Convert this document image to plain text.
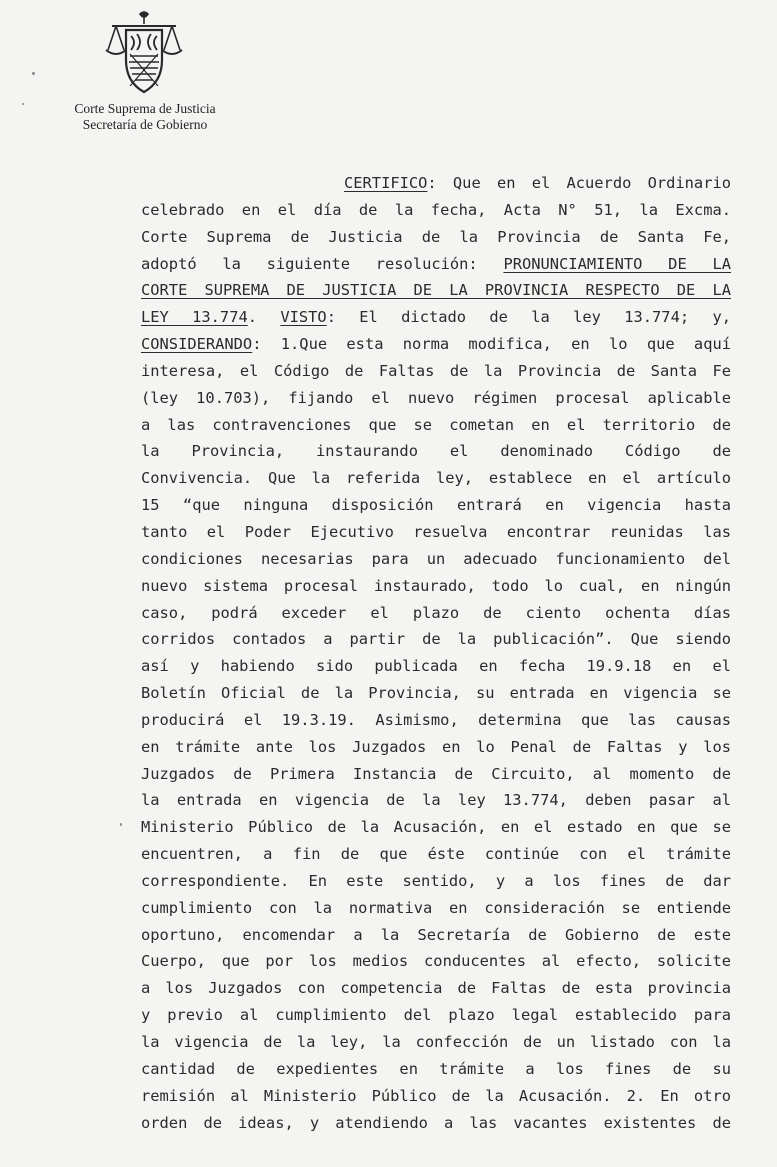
Corte Suprema de Justicia
Secretaría de Gobierno
CERTIFICO: Que en el Acuerdo Ordinario
celebrado en el día de la fecha, Acta N° 51, la Excma.
Corte Suprema de Justicia de la Provincia de Santa Fe,
adoptó la siguiente resolución: PRONUNCIAMIENTO DE LA
CORTE SUPREMA DE JUSTICIA DE LA PROVINCIA RESPECTO DE LA
LEY 13.774. VISTO: El dictado de la ley 13.774; y,
CONSIDERANDO: 1.Que esta norma modifica, en lo que aquí
interesa, el Código de Faltas de la Provincia de Santa Fe
(ley 10.703), fijando el nuevo régimen procesal aplicable
a las contravenciones que se cometan en el territorio de
la Provincia, instaurando el denominado Código de
Convivencia. Que la referida ley, establece en el artículo
15 “que ninguna disposición entrará en vigencia hasta
tanto el Poder Ejecutivo resuelva encontrar reunidas las
condiciones necesarias para un adecuado funcionamiento del
nuevo sistema procesal instaurado, todo lo cual, en ningún
caso, podrá exceder el plazo de ciento ochenta días
corridos contados a partir de la publicación”. Que siendo
así y habiendo sido publicada en fecha 19.9.18 en el
Boletín Oficial de la Provincia, su entrada en vigencia se
producirá el 19.3.19. Asimismo, determina que las causas
en trámite ante los Juzgados en lo Penal de Faltas y los
Juzgados de Primera Instancia de Circuito, al momento de
la entrada en vigencia de la ley 13.774, deben pasar al
Ministerio Público de la Acusación, en el estado en que se
encuentren, a fin de que éste continúe con el trámite
correspondiente. En este sentido, y a los fines de dar
cumplimiento con la normativa en consideración se entiende
oportuno, encomendar a la Secretaría de Gobierno de este
Cuerpo, que por los medios conducentes al efecto, solicite
a los Juzgados con competencia de Faltas de esta provincia
y previo al cumplimiento del plazo legal establecido para
la vigencia de la ley, la confección de un listado con la
cantidad de expedientes en trámite a los fines de su
remisión al Ministerio Público de la Acusación. 2. En otro
orden de ideas, y atendiendo a las vacantes existentes de
